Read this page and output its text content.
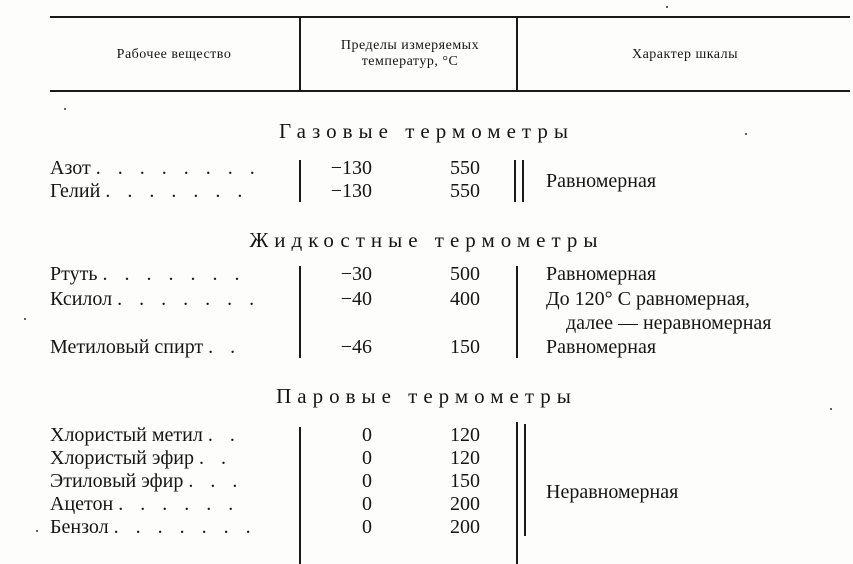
Рабочее вещество
Пределы измеряемых температур, °С	Характер шкалы
Газовые термометры
Азот . . . . . . . .	−130	550
Гелий . . . . . . .	−130	550	Равномерная
Жидкостные термометры
Ртуть . . . . . . .	−30	500	Равномерная
Ксилол . . . . . . .	−40	400	До 120° С равномерная,
далее — неравномерная
Метиловый спирт . .	−46	150	Равномерная
Паровые термометры
Хлористый метил . .	0	120
Хлористый эфир . .	0	120
Этиловый эфир . . .	0	150
Ацетон . . . . . .	0	200
Бензол . . . . . . .	0	200
Неравномерная
